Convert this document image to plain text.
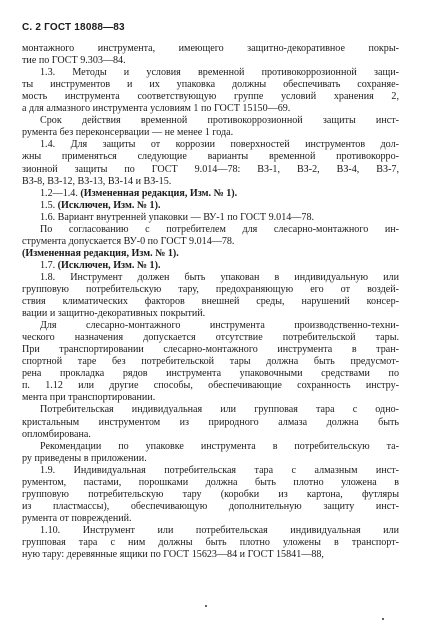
С. 2 ГОСТ 18088—83
монтажного инструмента, имеющего защитно-декоративное покры-
тие по ГОСТ 9.303—84.
1.3. Методы и условия временной противокоррозионной защи-
ты инструментов и их упаковка должны обеспечивать сохраняе-
мость инструмента соответствующую группе условий хранения 2,
а для алмазного инструмента условиям 1 по ГОСТ 15150—69.
Срок действия временной противокоррозионной защиты инст-
румента без переконсервации — не менее 1 года.
1.4. Для защиты от коррозии поверхностей инструментов дол-
жны применяться следующие варианты временной противокорро-
зионной защиты по ГОСТ 9.014—78: ВЗ-1, ВЗ-2, ВЗ-4, ВЗ-7,
ВЗ-8, ВЗ-12, ВЗ-13, ВЗ-14 и ВЗ-15.
1.2—1.4. (Измененная редакция, Изм. № 1).
1.5. (Исключен, Изм. № 1).
1.6. Вариант внутренней упаковки — ВУ-1 по ГОСТ 9.014—78.
По согласованию с потребителем для слесарно-монтажного ин-
струмента допускается ВУ-0 по ГОСТ 9.014—78.
(Измененная редакция, Изм. № 1).
1.7. (Исключен, Изм. № 1).
1.8. Инструмент должен быть упакован в индивидуальную или
групповую потребительскую тару, предохраняющую его от воздей-
ствия климатических факторов внешней среды, нарушений консер-
вации и защитно-декоративных покрытий.
Для слесарно-монтажного инструмента производственно-техни-
ческого назначения допускается отсутствие потребительской тары.
При транспортировании слесарно-монтажного инструмента в тран-
спортной таре без потребительской тары должна быть предусмот-
рена прокладка рядов инструмента упаковочными средствами по
п. 1.12 или другие способы, обеспечивающие сохранность инстру-
мента при транспортировании.
Потребительская индивидуальная или групповая тара с одно-
кристальным инструментом из природного алмаза должна быть
опломбирована.
Рекомендации по упаковке инструмента в потребительскую та-
ру приведены в приложении.
1.9. Индивидуальная потребительская тара с алмазным инст-
рументом, пастами, порошками должна быть плотно уложена в
групповую потребительскую тару (коробки из картона, футляры
из пластмассы), обеспечивающую дополнительную защиту инст-
румента от повреждений.
1.10. Инструмент или потребительская индивидуальная или
групповая тара с ним должны быть плотно уложены в транспорт-
ную тару: деревянные ящики по ГОСТ 15623—84 и ГОСТ 15841—88,
